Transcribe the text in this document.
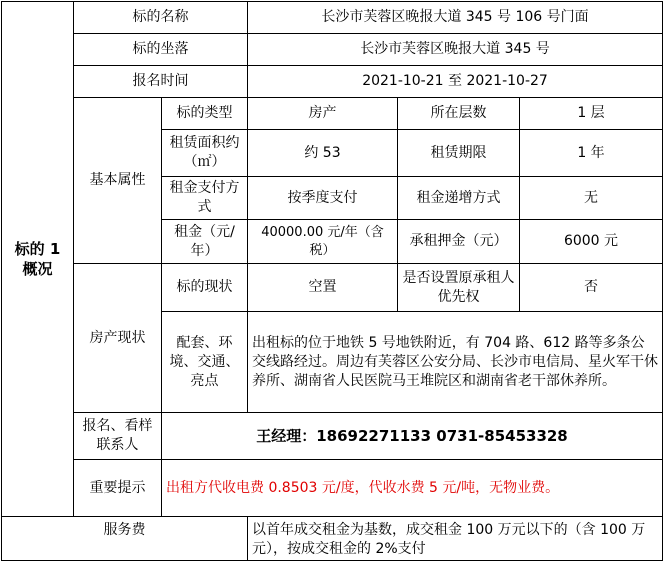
标的 1 概况	标的名称		长沙市芙蓉区晚报大道 345 号 106 号门面		
	标的坐落		长沙市芙蓉区晚报大道 345 号		
	报名时间		2021-10-21 至 2021-10-27		
	基本属性	标的类型	房产	所在层数	1 层
		租赁面积约（㎡）	约 53	租赁期限	1 年
		租金支付方式	按季度支付	租金递增方式	无
		租金（元/年）	40000.00 元/年（含税）	承租押金（元）	6000 元
	房产现状	标的现状	空置	是否设置原承租人优先权	否
		配套、环境、交通、亮点	出租标的位于地铁 5 号地铁附近，有 704 路、612 路等多条公交线路经过。周边有芙蓉区公安分局、长沙市电信局、星火军干休养所、湖南省人民医院马王堆院区和湖南省老干部休养所。		
	报名、看样联系人	王经理：18692271133 0731-85453328			
	重要提示	出租方代收电费 0.8503 元/度，代收水费 5 元/吨，无物业费。			
服务费			以首年成交租金为基数，成交租金 100 万元以下的（含 100 万元），按成交租金的 2%支付		
